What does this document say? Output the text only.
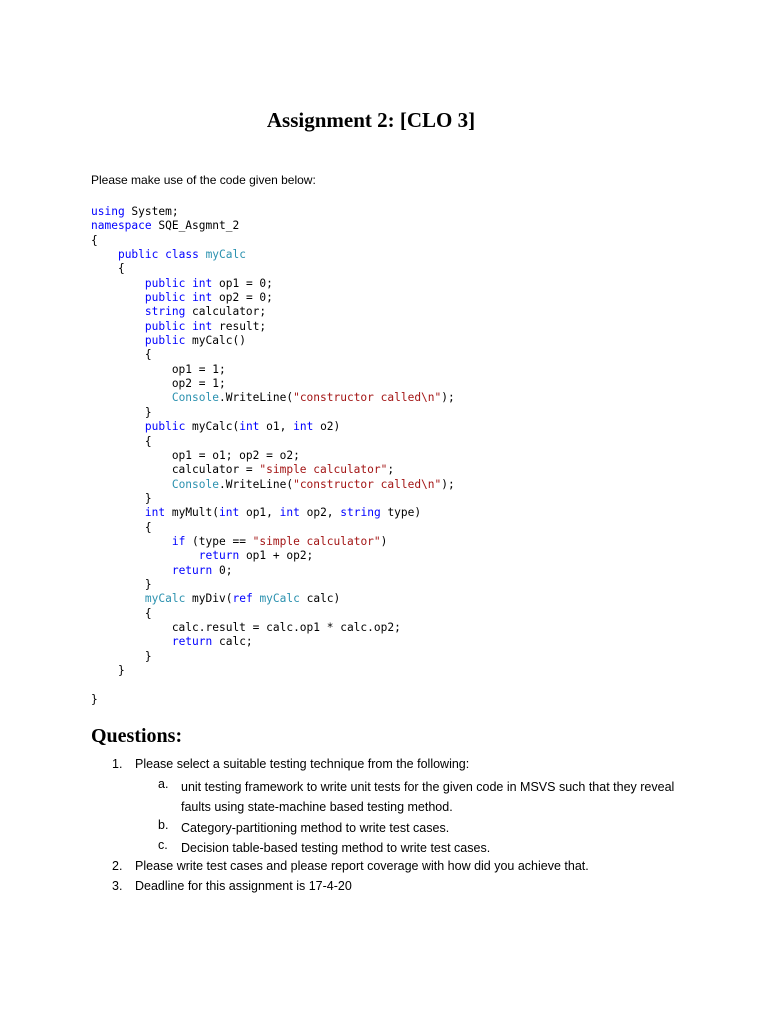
Assignment 2: [CLO 3]
Please make use of the code given below:
using System;
namespace SQE_Asgmnt_2
{
public class myCalc
{
public int op1 = 0;
public int op2 = 0;
string calculator;
public int result;
public myCalc()
{
op1 = 1;
op2 = 1;
Console.WriteLine("constructor called\n");
}
public myCalc(int o1, int o2)
{
op1 = o1; op2 = o2;
calculator = "simple calculator";
Console.WriteLine("constructor called\n");
}
int myMult(int op1, int op2, string type)
{
if (type == "simple calculator")
return op1 + op2;
return 0;
}
myCalc myDiv(ref myCalc calc)
{
calc.result = calc.op1 * calc.op2;
return calc;
}
}

}
Questions:
1. Please select a suitable testing technique from the following:
a. unit testing framework to write unit tests for the given code in MSVS such that they reveal faults using state-machine based testing method.
b. Category-partitioning method to write test cases.
c. Decision table-based testing method to write test cases.
2. Please write test cases and please report coverage with how did you achieve that.
3. Deadline for this assignment is 17-4-20
